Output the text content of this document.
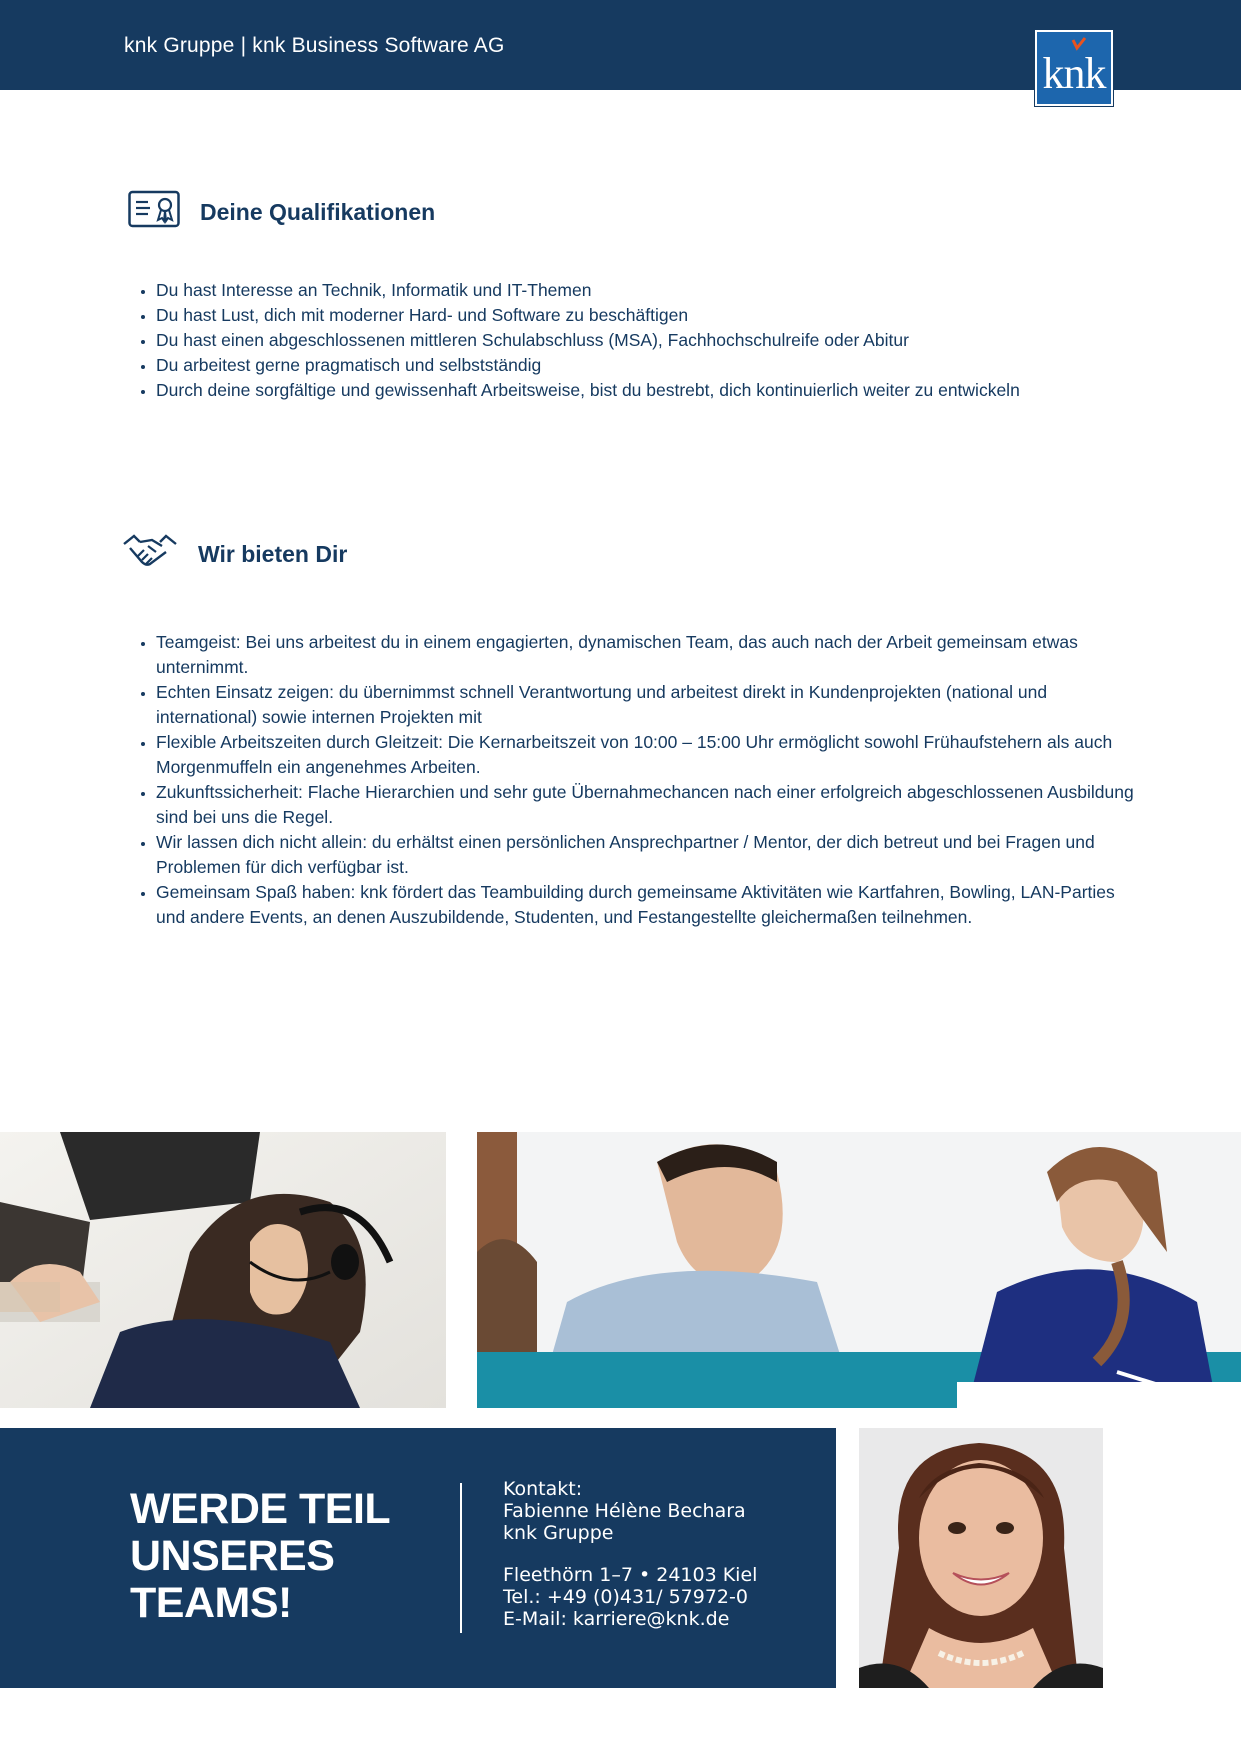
knk Gruppe | knk Business Software AG
knk
Deine Qualifikationen
• Du hast Interesse an Technik, Informatik und IT-Themen
• Du hast Lust, dich mit moderner Hard- und Software zu beschäftigen
• Du hast einen abgeschlossenen mittleren Schulabschluss (MSA), Fachhochschulreife oder Abitur
• Du arbeitest gerne pragmatisch und selbstständig
• Durch deine sorgfältige und gewissenhaft Arbeitsweise, bist du bestrebt, dich kontinuierlich weiter zu entwickeln
Wir bieten Dir
• Teamgeist: Bei uns arbeitest du in einem engagierten, dynamischen Team, das auch nach der Arbeit gemeinsam etwas unternimmt.
• Echten Einsatz zeigen: du übernimmst schnell Verantwortung und arbeitest direkt in Kundenprojekten (national und international) sowie internen Projekten mit
• Flexible Arbeitszeiten durch Gleitzeit: Die Kernarbeitszeit von 10:00 – 15:00 Uhr ermöglicht sowohl Frühaufstehern als auch Morgenmuffeln ein angenehmes Arbeiten.
• Zukunftssicherheit: Flache Hierarchien und sehr gute Übernahmechancen nach einer erfolgreich abgeschlossenen Ausbildung sind bei uns die Regel.
• Wir lassen dich nicht allein: du erhältst einen persönlichen Ansprechpartner / Mentor, der dich betreut und bei Fragen und Problemen für dich verfügbar ist.
• Gemeinsam Spaß haben: knk fördert das Teambuilding durch gemeinsame Aktivitäten wie Kartfahren, Bowling, LAN-Parties und andere Events, an denen Auszubildende, Studenten, und Festangestellte gleichermaßen teilnehmen.
WERDE TEIL
UNSERES
TEAMS!
Kontakt:
Fabienne Hélène Bechara
knk Gruppe
Fleethörn 1–7 • 24103 Kiel
Tel.: +49 (0)431/ 57972-0
E-Mail: karriere@knk.de
